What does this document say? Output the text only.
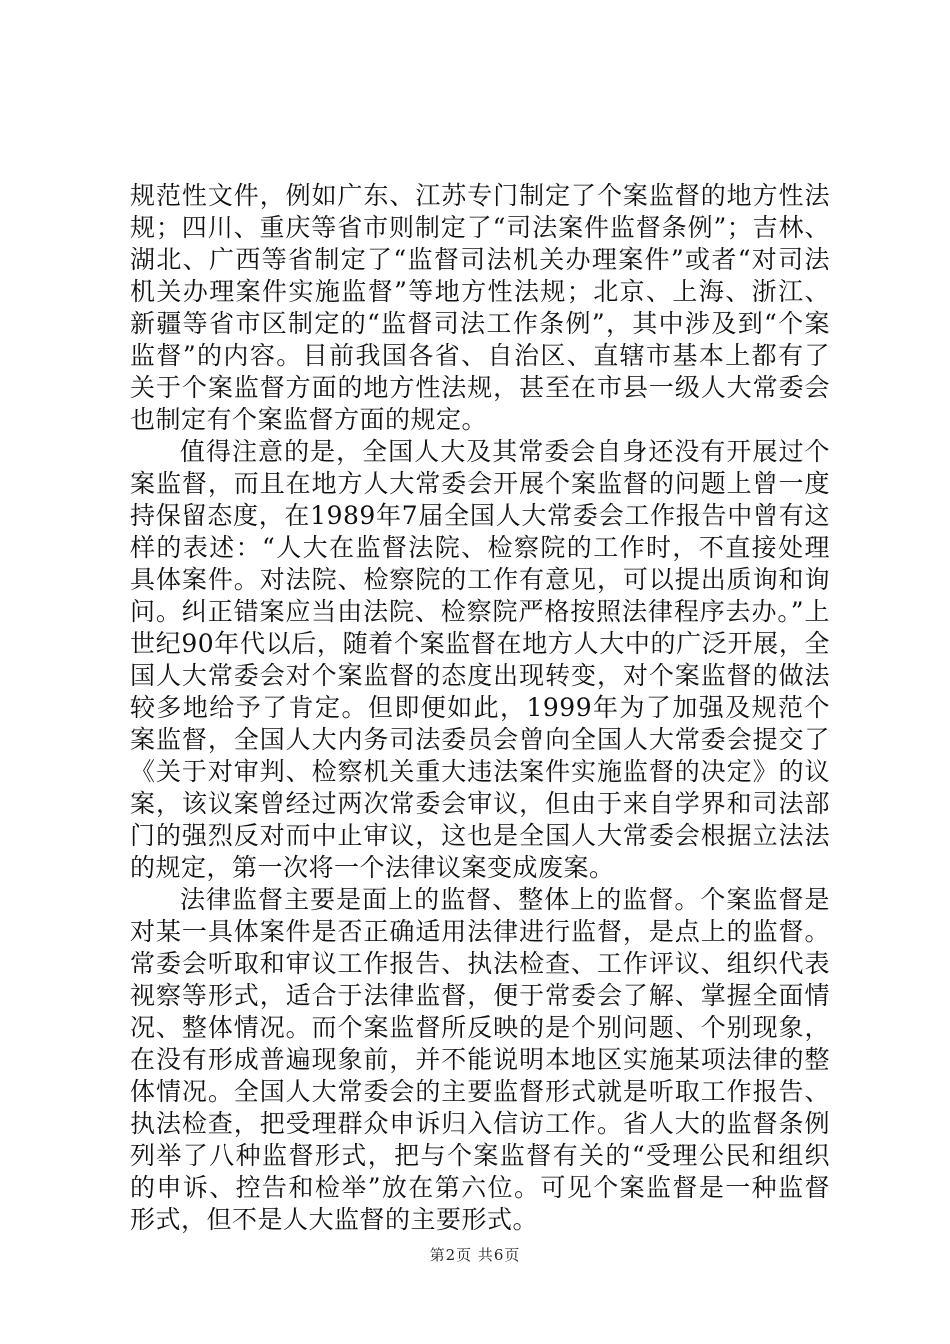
规范性文件，例如广东、江苏专门制定了个案监督的地方性法规；四川、重庆等省市则制定了“司法案件监督条例”；吉林、湖北、广西等省制定了“监督司法机关办理案件”或者“对司法机关办理案件实施监督”等地方性法规；北京、上海、浙江、新疆等省市区制定的“监督司法工作条例”，其中涉及到“个案监督”的内容。目前我国各省、自治区、直辖市基本上都有了关于个案监督方面的地方性法规，甚至在市县一级人大常委会也制定有个案监督方面的规定。

值得注意的是，全国人大及其常委会自身还没有开展过个案监督，而且在地方人大常委会开展个案监督的问题上曾一度持保留态度，在1989年7届全国人大常委会工作报告中曾有这样的表述：“人大在监督法院、检察院的工作时，不直接处理具体案件。对法院、检察院的工作有意见，可以提出质询和询问。纠正错案应当由法院、检察院严格按照法律程序去办。”上世纪90年代以后，随着个案监督在地方人大中的广泛开展，全国人大常委会对个案监督的态度出现转变，对个案监督的做法较多地给予了肯定。但即便如此，1999年为了加强及规范个案监督，全国人大内务司法委员会曾向全国人大常委会提交了《关于对审判、检察机关重大违法案件实施监督的决定》的议案，该议案曾经过两次常委会审议，但由于来自学界和司法部门的强烈反对而中止审议，这也是全国人大常委会根据立法法的规定，第一次将一个法律议案变成废案。

法律监督主要是面上的监督、整体上的监督。个案监督是对某一具体案件是否正确适用法律进行监督，是点上的监督。常委会听取和审议工作报告、执法检查、工作评议、组织代表视察等形式，适合于法律监督，便于常委会了解、掌握全面情况、整体情况。而个案监督所反映的是个别问题、个别现象，在没有形成普遍现象前，并不能说明本地区实施某项法律的整体情况。全国人大常委会的主要监督形式就是听取工作报告、执法检查，把受理群众申诉归入信访工作。省人大的监督条例列举了八种监督形式，把与个案监督有关的“受理公民和组织的申诉、控告和检举”放在第六位。可见个案监督是一种监督形式，但不是人大监督的主要形式。

第2页 共6页
